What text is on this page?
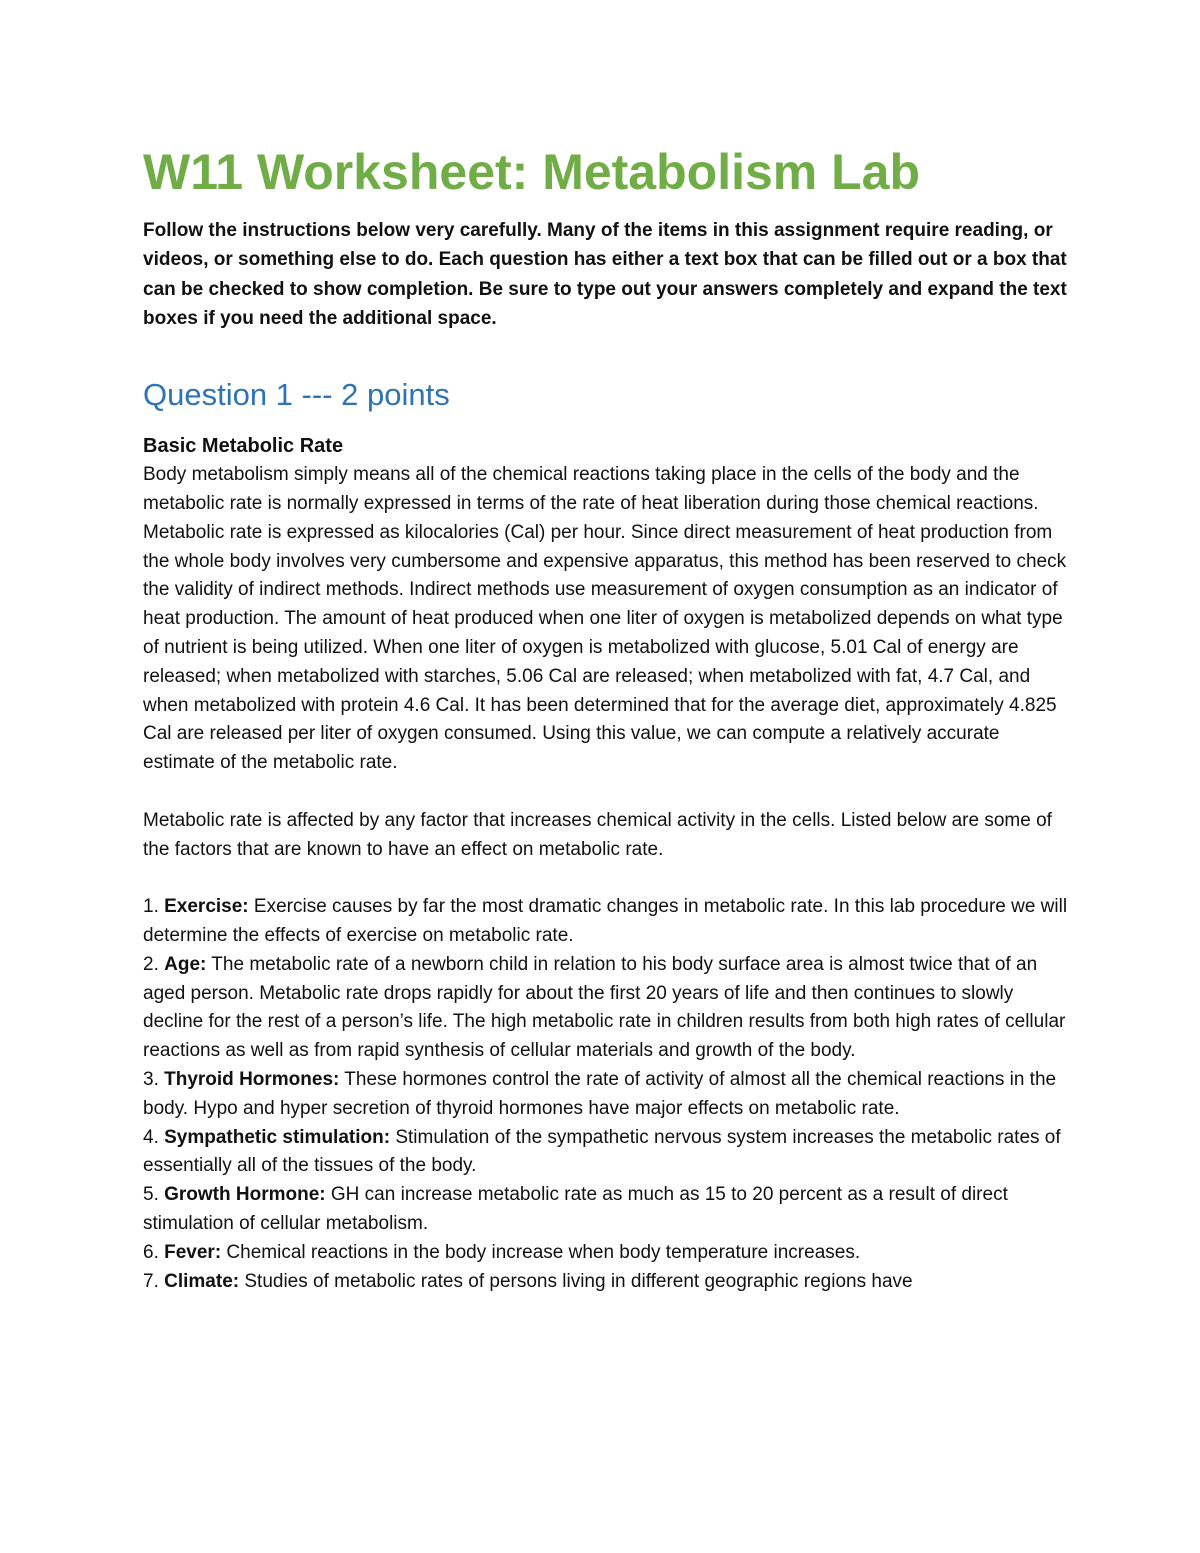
W11 Worksheet: Metabolism Lab

Follow the instructions below very carefully. Many of the items in this assignment require reading, or videos, or something else to do. Each question has either a text box that can be filled out or a box that can be checked to show completion. Be sure to type out your answers completely and expand the text boxes if you need the additional space.

Question 1 --- 2 points
Basic Metabolic Rate

Body metabolism simply means all of the chemical reactions taking place in the cells of the body and the metabolic rate is normally expressed in terms of the rate of heat liberation during those chemical reactions. Metabolic rate is expressed as kilocalories (Cal) per hour. Since direct measurement of heat production from the whole body involves very cumbersome and expensive apparatus, this method has been reserved to check the validity of indirect methods. Indirect methods use measurement of oxygen consumption as an indicator of heat production. The amount of heat produced when one liter of oxygen is metabolized depends on what type of nutrient is being utilized. When one liter of oxygen is metabolized with glucose, 5.01 Cal of energy are released; when metabolized with starches, 5.06 Cal are released; when metabolized with fat, 4.7 Cal, and when metabolized with protein 4.6 Cal. It has been determined that for the average diet, approximately 4.825 Cal are released per liter of oxygen consumed. Using this value, we can compute a relatively accurate estimate of the metabolic rate.

Metabolic rate is affected by any factor that increases chemical activity in the cells. Listed below are some of the factors that are known to have an effect on metabolic rate.

1. Exercise: Exercise causes by far the most dramatic changes in metabolic rate. In this lab procedure we will determine the effects of exercise on metabolic rate.
2. Age: The metabolic rate of a newborn child in relation to his body surface area is almost twice that of an aged person. Metabolic rate drops rapidly for about the first 20 years of life and then continues to slowly decline for the rest of a person’s life. The high metabolic rate in children results from both high rates of cellular reactions as well as from rapid synthesis of cellular materials and growth of the body.
3. Thyroid Hormones: These hormones control the rate of activity of almost all the chemical reactions in the body. Hypo and hyper secretion of thyroid hormones have major effects on metabolic rate.
4. Sympathetic stimulation: Stimulation of the sympathetic nervous system increases the metabolic rates of essentially all of the tissues of the body.
5. Growth Hormone: GH can increase metabolic rate as much as 15 to 20 percent as a result of direct stimulation of cellular metabolism.
6. Fever: Chemical reactions in the body increase when body temperature increases.
7. Climate: Studies of metabolic rates of persons living in different geographic regions have
